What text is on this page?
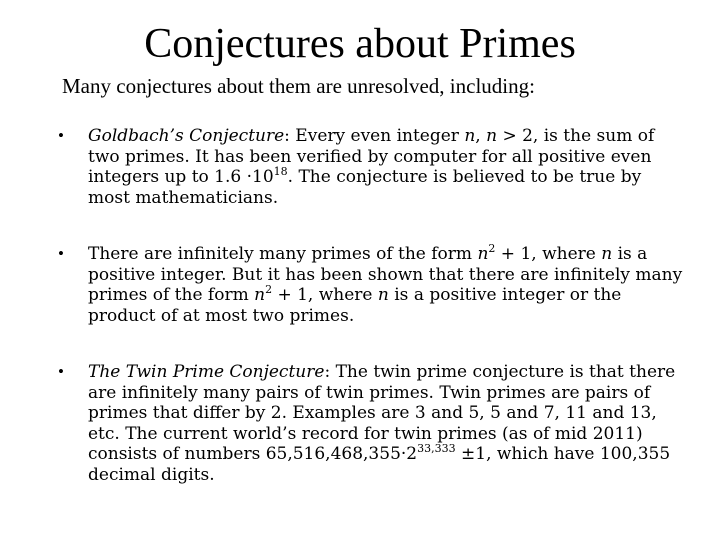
Conjectures about Primes
Many conjectures about them are unresolved, including:
• Goldbach’s Conjecture: Every even integer n, n > 2, is the sum of two primes. It has been verified by computer for all positive even integers up to $1.6 \cdot 10^{18}$. The conjecture is believed to be true by most mathematicians.
• There are infinitely many primes of the form $n^2 + 1$, where n is a positive integer. But it has been shown that there are infinitely many primes of the form $n^2 + 1$, where n is a positive integer or the product of at most two primes.
• The Twin Prime Conjecture: The twin prime conjecture is that there are infinitely many pairs of twin primes. Twin primes are pairs of primes that differ by 2. Examples are 3 and 5, 5 and 7, 11 and 13, etc. The current world’s record for twin primes (as of mid 2011) consists of numbers $65,516,468,355\cdot 2^{33,333} \pm 1$, which have 100,355 decimal digits.
